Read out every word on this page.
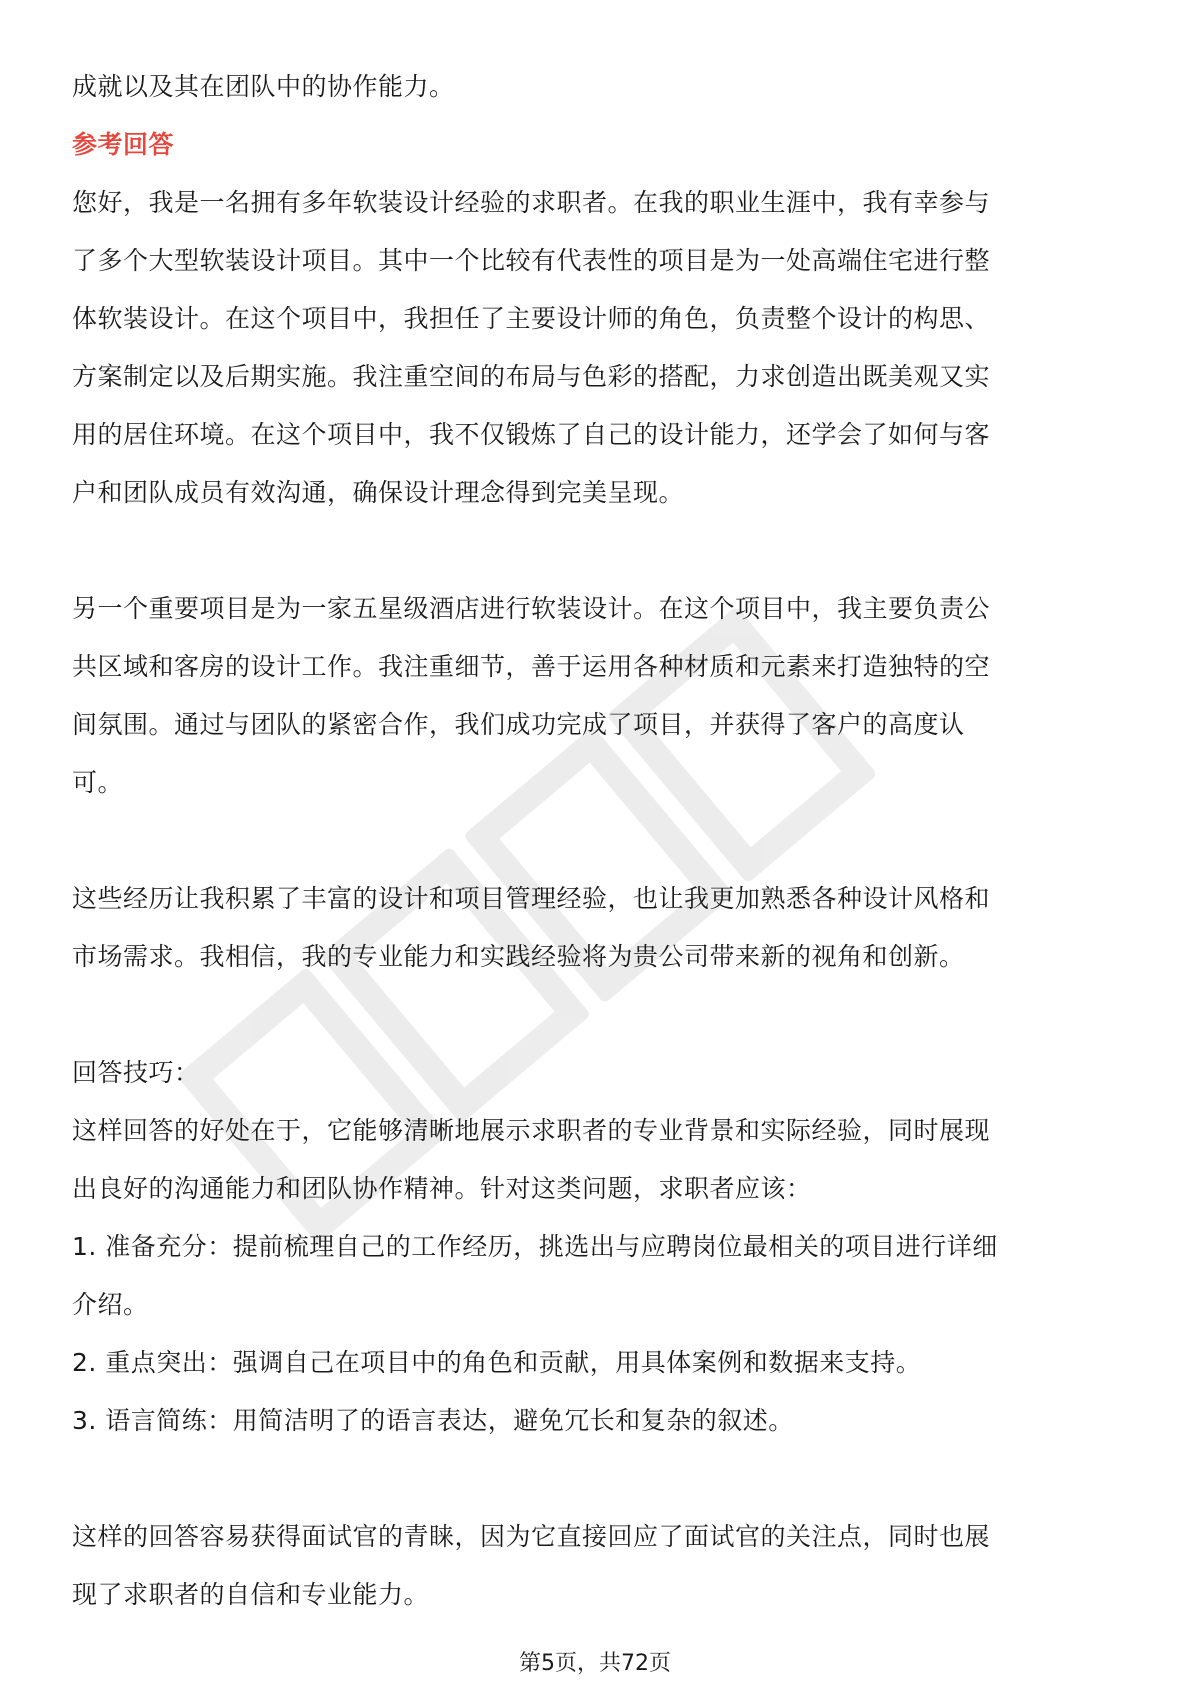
成就以及其在团队中的协作能力。
参考回答
您好，我是一名拥有多年软装设计经验的求职者。在我的职业生涯中，我有幸参与
了多个大型软装设计项目。其中一个比较有代表性的项目是为一处高端住宅进行整
体软装设计。在这个项目中，我担任了主要设计师的角色，负责整个设计的构思、
方案制定以及后期实施。我注重空间的布局与色彩的搭配，力求创造出既美观又实
用的居住环境。在这个项目中，我不仅锻炼了自己的设计能力，还学会了如何与客
户和团队成员有效沟通，确保设计理念得到完美呈现。
另一个重要项目是为一家五星级酒店进行软装设计。在这个项目中，我主要负责公
共区域和客房的设计工作。我注重细节，善于运用各种材质和元素来打造独特的空
间氛围。通过与团队的紧密合作，我们成功完成了项目，并获得了客户的高度认
可。
这些经历让我积累了丰富的设计和项目管理经验，也让我更加熟悉各种设计风格和
市场需求。我相信，我的专业能力和实践经验将为贵公司带来新的视角和创新。
回答技巧：
这样回答的好处在于，它能够清晰地展示求职者的专业背景和实际经验，同时展现
出良好的沟通能力和团队协作精神。针对这类问题，求职者应该：
1. 准备充分：提前梳理自己的工作经历，挑选出与应聘岗位最相关的项目进行详细
介绍。
2. 重点突出：强调自己在项目中的角色和贡献，用具体案例和数据来支持。
3. 语言简练：用简洁明了的语言表达，避免冗长和复杂的叙述。
这样的回答容易获得面试官的青睐，因为它直接回应了面试官的关注点，同时也展
现了求职者的自信和专业能力。
第5页，共72页
